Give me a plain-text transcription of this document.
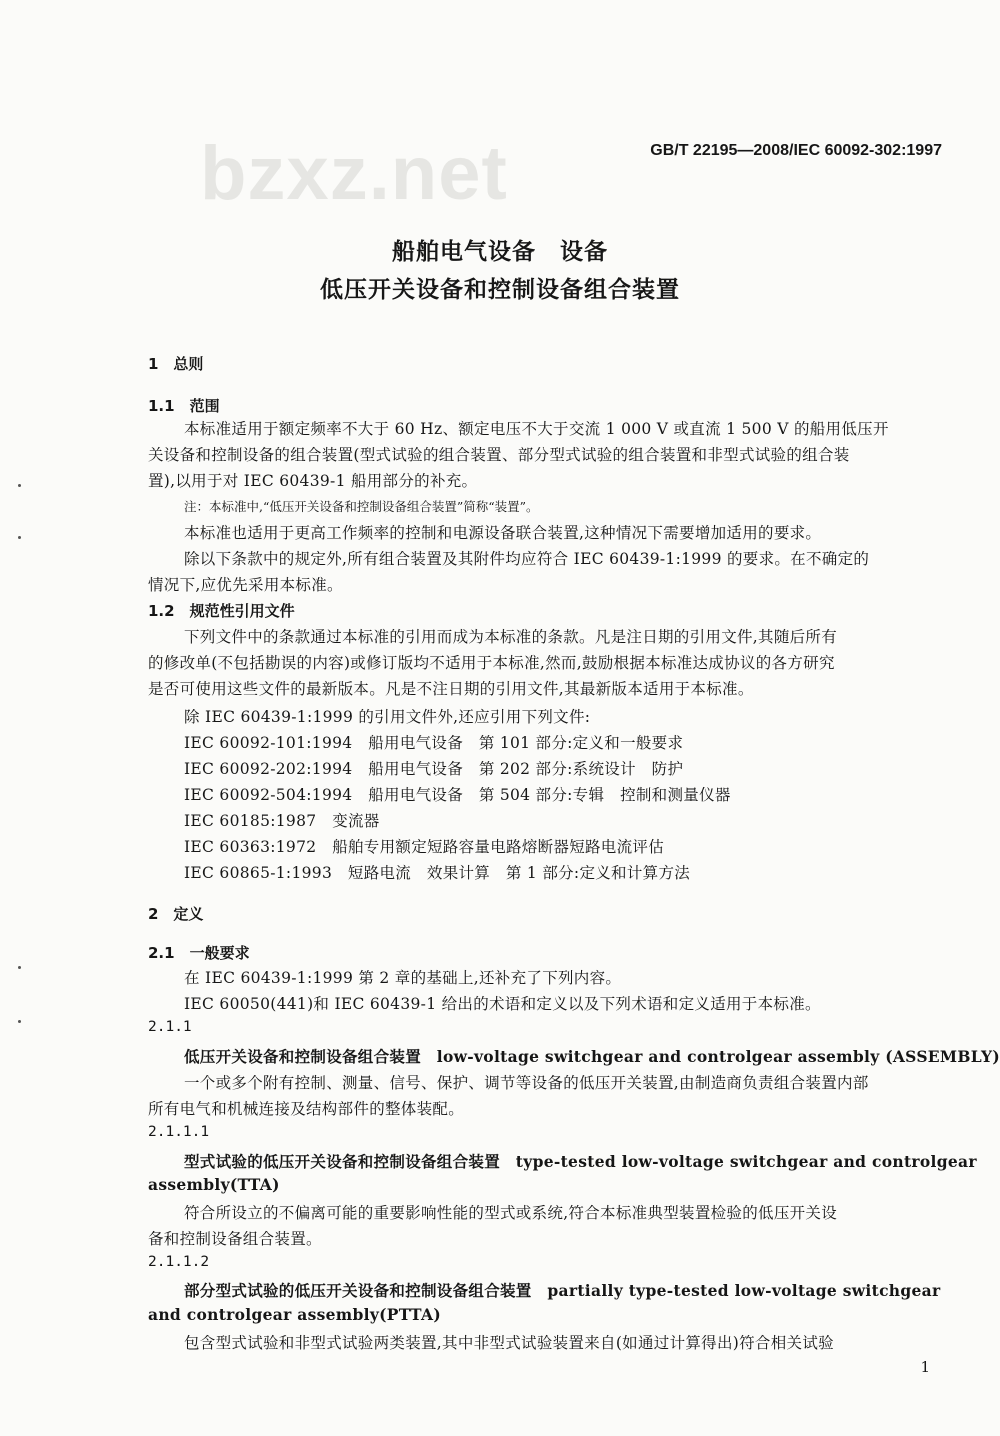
bzxz.net	GB/T 22195—2008/IEC 60092-302:1997
船舶电气设备　设备
低压开关设备和控制设备组合装置
1　总则
1.1　范围
本标准适用于额定频率不大于 60 Hz、额定电压不大于交流 1 000 V 或直流 1 500 V 的船用低压开
关设备和控制设备的组合装置(型式试验的组合装置、部分型式试验的组合装置和非型式试验的组合装
置),以用于对 IEC 60439-1 船用部分的补充。
注：本标准中,“低压开关设备和控制设备组合装置”简称“装置”。
本标准也适用于更高工作频率的控制和电源设备联合装置,这种情况下需要增加适用的要求。
除以下条款中的规定外,所有组合装置及其附件均应符合 IEC 60439-1:1999 的要求。在不确定的
情况下,应优先采用本标准。
1.2　规范性引用文件
下列文件中的条款通过本标准的引用而成为本标准的条款。凡是注日期的引用文件,其随后所有
的修改单(不包括勘误的内容)或修订版均不适用于本标准,然而,鼓励根据本标准达成协议的各方研究
是否可使用这些文件的最新版本。凡是不注日期的引用文件,其最新版本适用于本标准。
除 IEC 60439-1:1999 的引用文件外,还应引用下列文件:
IEC 60092-101:1994　船用电气设备　第 101 部分:定义和一般要求
IEC 60092-202:1994　船用电气设备　第 202 部分:系统设计　防护
IEC 60092-504:1994　船用电气设备　第 504 部分:专辑　控制和测量仪器
IEC 60185:1987　变流器
IEC 60363:1972　船舶专用额定短路容量电路熔断器短路电流评估
IEC 60865-1:1993　短路电流　效果计算　第 1 部分:定义和计算方法
2　定义
2.1　一般要求
在 IEC 60439-1:1999 第 2 章的基础上,还补充了下列内容。
IEC 60050(441)和 IEC 60439-1 给出的术语和定义以及下列术语和定义适用于本标准。
2.1.1
低压开关设备和控制设备组合装置　low-voltage switchgear and controlgear assembly (ASSEMBLY)
一个或多个附有控制、测量、信号、保护、调节等设备的低压开关装置,由制造商负责组合装置内部
所有电气和机械连接及结构部件的整体装配。
2.1.1.1
型式试验的低压开关设备和控制设备组合装置　type-tested low-voltage switchgear and controlgear
assembly(TTA)
符合所设立的不偏离可能的重要影响性能的型式或系统,符合本标准典型装置检验的低压开关设
备和控制设备组合装置。
2.1.1.2
部分型式试验的低压开关设备和控制设备组合装置　partially type-tested low-voltage switchgear
and controlgear assembly(PTTA)
包含型式试验和非型式试验两类装置,其中非型式试验装置来自(如通过计算得出)符合相关试验
1
